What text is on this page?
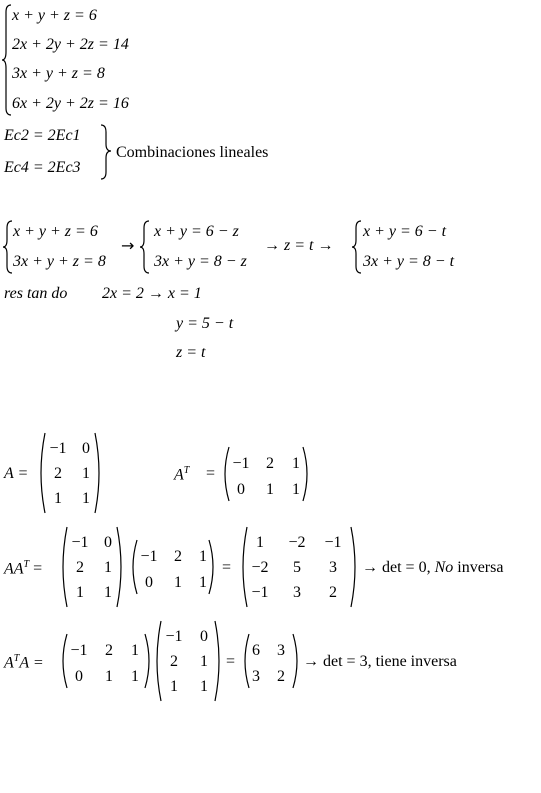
x + y + z = 6
2x + 2y + 2z = 14
3x + y + z = 8
6x + 2y + 2z = 16
Ec2 = 2Ec1
Ec4 = 2Ec3
Combinaciones lineales
x + y + z = 6
3x + y + z = 8
→
x + y = 6 − z
3x + y = 8 − z
→ z = t →
x + y = 6 − t
3x + y = 8 − t
res tan do 2x = 2 → x = 1
y = 5 − t
z = t
A =
−1	0
2	1
1	1
$A^T$ =
−1	2	1
0	1	1
$AA^T$ =
−1	0
2	1
1	1
−1	2	1
0	1	1
=
1	−2	−1
−2	5	3
−1	3	2
→ det = 0, No inversa
$A^TA$ =
−1	2	1
0	1	1
−1	0
2	1
1	1
=
6	3
3	2
→ det = 3, tiene inversa
